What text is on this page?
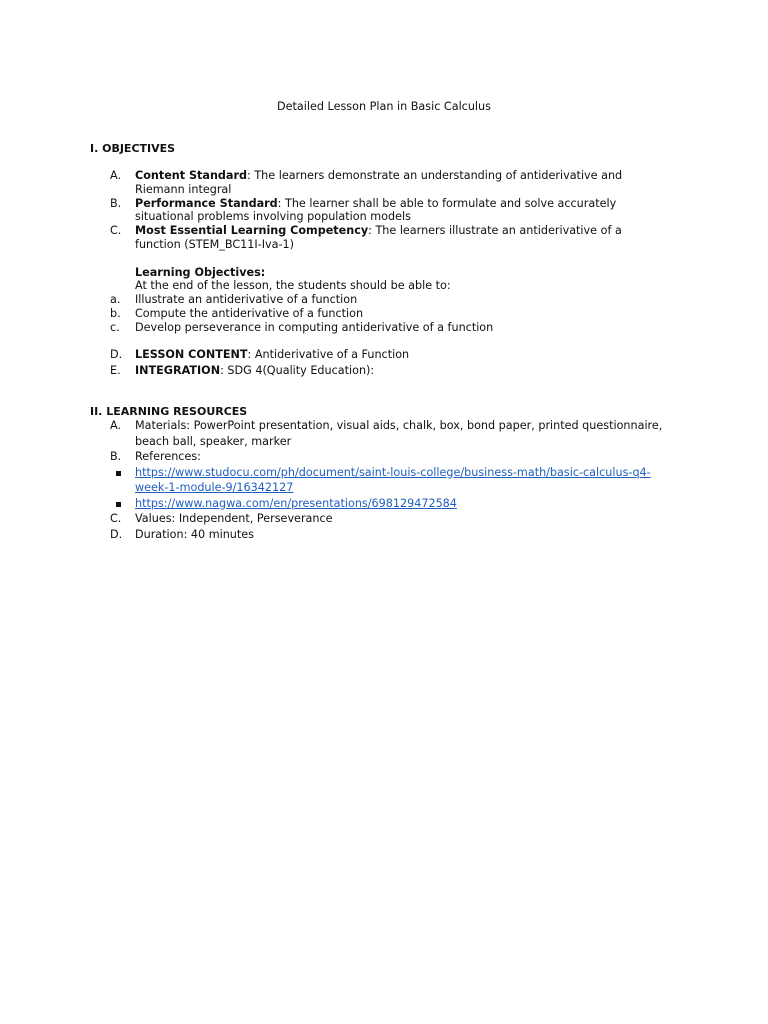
Detailed Lesson Plan in Basic Calculus
I. OBJECTIVES
A.	Content Standard: The learners demonstrate an understanding of antiderivative and Riemann integral
B.	Performance Standard: The learner shall be able to formulate and solve accurately situational problems involving population models
C.	Most Essential Learning Competency: The learners illustrate an antiderivative of a function (STEM_BC11I-Iva-1)
Learning Objectives:
At the end of the lesson, the students should be able to:
a.	Illustrate an antiderivative of a function
b.	Compute the antiderivative of a function
c.	Develop perseverance in computing antiderivative of a function
D.	LESSON CONTENT: Antiderivative of a Function
E.	INTEGRATION: SDG 4(Quality Education):
II. LEARNING RESOURCES
A.	Materials: PowerPoint presentation, visual aids, chalk, box, bond paper, printed questionnaire, beach ball, speaker, marker
B.	References:
https://www.studocu.com/ph/document/saint-louis-college/business-math/basic-calculus-q4-week-1-module-9/16342127
https://www.nagwa.com/en/presentations/698129472584
C.	Values: Independent, Perseverance
D.	Duration: 40 minutes
